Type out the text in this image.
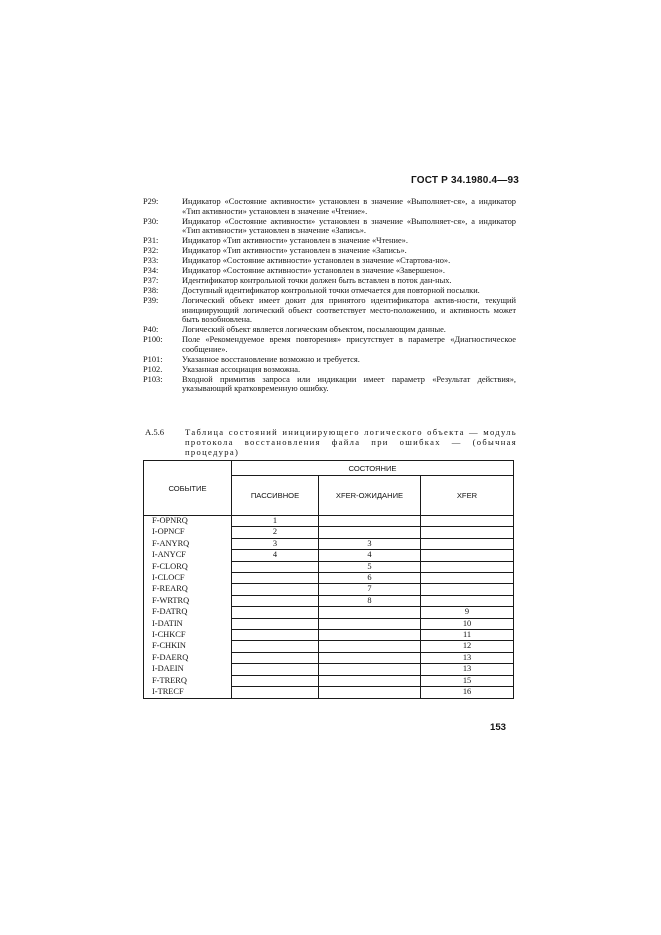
ГОСТ Р 34.1980.4—93
P29:	Индикатор «Состояние активности» установлен в значение «Выполняет-ся», а индикатор «Тип активности» установлен в значение «Чтение».
P30:	Индикатор «Состояние активности» установлен в значение «Выполняет-ся», а индикатор «Тип активности» установлен в значение «Запись».
P31:	Индикатор «Тип активности» установлен в значение «Чтение».
P32:	Индикатор «Тип активности» установлен в значение «Запись».
P33:	Индикатор «Состояние активности» установлен в значение «Стартова-но».
P34:	Индикатор «Состояние активности» установлен в значение «Завершено».
P37:	Идентификатор контрольной точки должен быть вставлен в поток дан-ных.
P38:	Доступный идентификатор контрольной точки отмечается для повторной посылки.
P39:	Логический объект имеет докит для принятого идентификатора актив-ности, текущий инициирующий логический объект соответствует место-положению, и активность может быть возобновлена.
P40:	Логический объект является логическим объектом, посылающим данные.
P100:	Поле «Рекомендуемое время повторения» присутствует в параметре «Диагностическое сообщение».
P101:	Указанное восстановление возможно и требуется.
P102.	Указанная ассоциация возможна.
P103:	Входной примитив запроса или индикации имеет параметр «Результат действия», указывающий кратковременную ошибку.
А.5.6	Таблица состояний инициирующего логического объекта — модуль протокола восстановления файла при ошибках — (обычная процедура)
СОБЫТИЕ	СОСТОЯНИЕ		
	ПАССИВНОЕ	XFER-ОЖИДАНИЕ	XFER
F-OPNRQ	1		
I-OPNCF	2		
F-ANYRQ	3	3	
I-ANYCF	4	4	
F-CLORQ		5	
I-CLOCF		6	
F-REARQ		7	
F-WRTRQ		8	
F-DATRQ			9
I-DATIN			10
I-CHKCF			11
F-CHKIN			12
F-DAERQ			13
I-DAEIN			13
F-TRERQ			15
I-TRECF			16
153
